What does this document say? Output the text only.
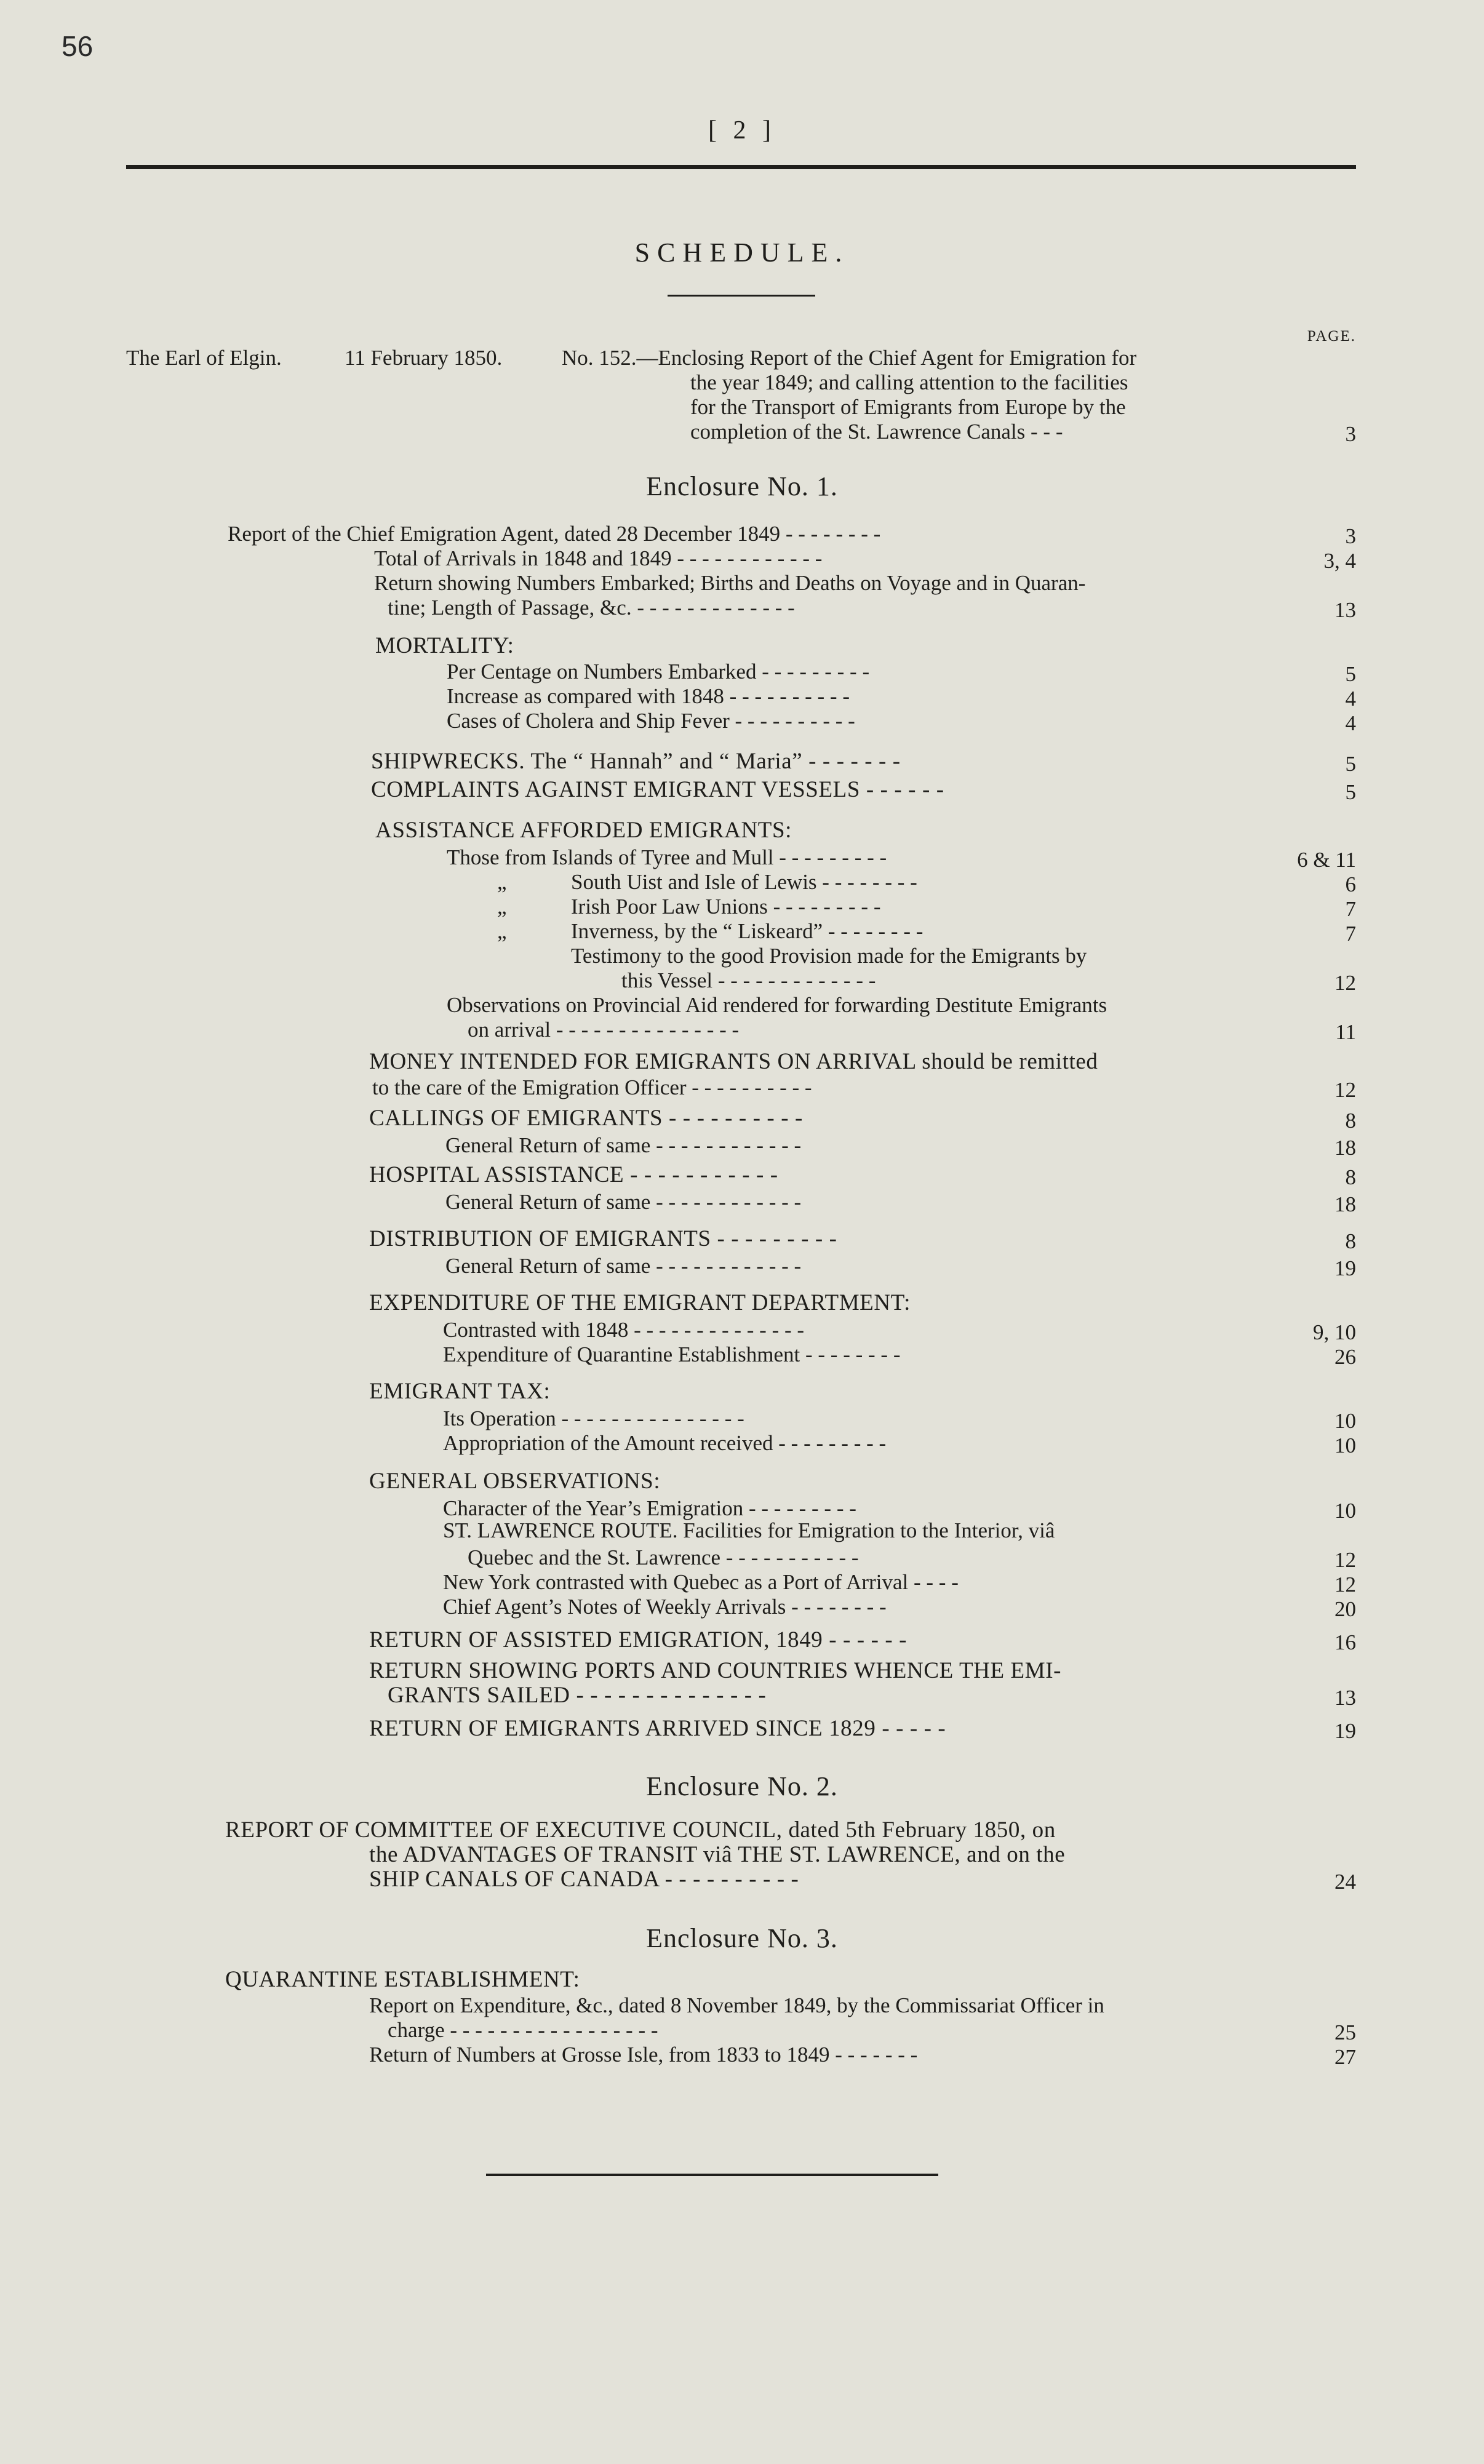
56
[ 2 ]
SCHEDULE.
PAGE.
The Earl of Elgin.	11 February 1850.	No. 152.—Enclosing Report of the Chief Agent for Emigration for
the year 1849; and calling attention to the facilities
for the Transport of Emigrants from Europe by the
completion of the St. Lawrence Canals - - -	3
Enclosure No. 1.
Report of the Chief Emigration Agent, dated 28 December 1849 - - - - - - - -	3
Total of Arrivals in 1848 and 1849 - - - - - - - - - - - -	3, 4
Return showing Numbers Embarked; Births and Deaths on Voyage and in Quaran-
tine; Length of Passage, &c. - - - - - - - - - - - - -	13
MORTALITY:
Per Centage on Numbers Embarked - - - - - - - - -	5
Increase as compared with 1848 - - - - - - - - - -	4
Cases of Cholera and Ship Fever - - - - - - - - - -	4
SHIPWRECKS. The “ Hannah” and “ Maria” - - - - - - -	5
COMPLAINTS AGAINST EMIGRANT VESSELS - - - - - -	5
ASSISTANCE AFFORDED EMIGRANTS:
Those from Islands of Tyree and Mull - - - - - - - - -	6 & 11
„	South Uist and Isle of Lewis - - - - - - - -	6
„	Irish Poor Law Unions - - - - - - - - -	7
„	Inverness, by the “ Liskeard” - - - - - - - -	7
Testimony to the good Provision made for the Emigrants by
this Vessel - - - - - - - - - - - - -	12
Observations on Provincial Aid rendered for forwarding Destitute Emigrants
on arrival - - - - - - - - - - - - - - -	11
MONEY INTENDED FOR EMIGRANTS ON ARRIVAL should be remitted
to the care of the Emigration Officer - - - - - - - - - -	12
CALLINGS OF EMIGRANTS - - - - - - - - - -	8
General Return of same - - - - - - - - - - - -	18
HOSPITAL ASSISTANCE - - - - - - - - - - -	8
General Return of same - - - - - - - - - - - -	18
DISTRIBUTION OF EMIGRANTS - - - - - - - - -	8
General Return of same - - - - - - - - - - - -	19
EXPENDITURE OF THE EMIGRANT DEPARTMENT:
Contrasted with 1848 - - - - - - - - - - - - - -	9, 10
Expenditure of Quarantine Establishment - - - - - - - -	26
EMIGRANT TAX:
Its Operation - - - - - - - - - - - - - - -	10
Appropriation of the Amount received - - - - - - - - -	10
GENERAL OBSERVATIONS:
Character of the Year’s Emigration - - - - - - - - -	10
ST. LAWRENCE ROUTE. Facilities for Emigration to the Interior, viâ
Quebec and the St. Lawrence - - - - - - - - - - -	12
New York contrasted with Quebec as a Port of Arrival - - - -	12
Chief Agent’s Notes of Weekly Arrivals - - - - - - - -	20
RETURN OF ASSISTED EMIGRATION, 1849 - - - - - -	16
RETURN SHOWING PORTS AND COUNTRIES WHENCE THE EMI-
GRANTS SAILED - - - - - - - - - - - - - -	13
RETURN OF EMIGRANTS ARRIVED SINCE 1829 - - - - -	19
Enclosure No. 2.
REPORT OF COMMITTEE OF EXECUTIVE COUNCIL, dated 5th February 1850, on
the ADVANTAGES OF TRANSIT viâ THE ST. LAWRENCE, and on the
SHIP CANALS OF CANADA - - - - - - - - - -	24
Enclosure No. 3.
QUARANTINE ESTABLISHMENT:
Report on Expenditure, &c., dated 8 November 1849, by the Commissariat Officer in
charge - - - - - - - - - - - - - - - - -	25
Return of Numbers at Grosse Isle, from 1833 to 1849 - - - - - - -	27
